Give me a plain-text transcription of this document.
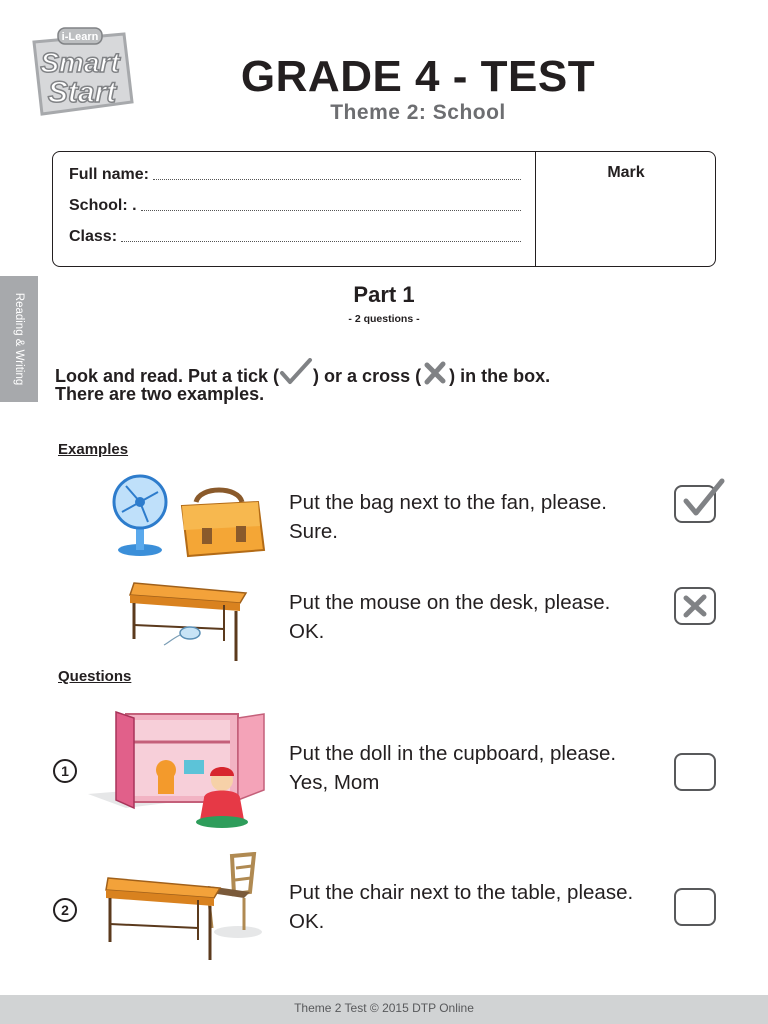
i-Learn
Smart
Start	GRADE 4 - TEST
Theme 2: School
Full name:
School: .
Class:
Mark
Reading & Writing	Part 1
- 2 questions -
Look and read. Put a tick ( ) or a cross ( ) in the box.
There are two examples.
Examples
Put the bag next to the fan, please.
Sure.
Put the mouse on the desk, please.
OK.
Questions
1
Put the doll in the cupboard, please.
Yes, Mom
2
Put the chair next to the table, please.
OK.
Theme 2 Test © 2015 DTP Online
